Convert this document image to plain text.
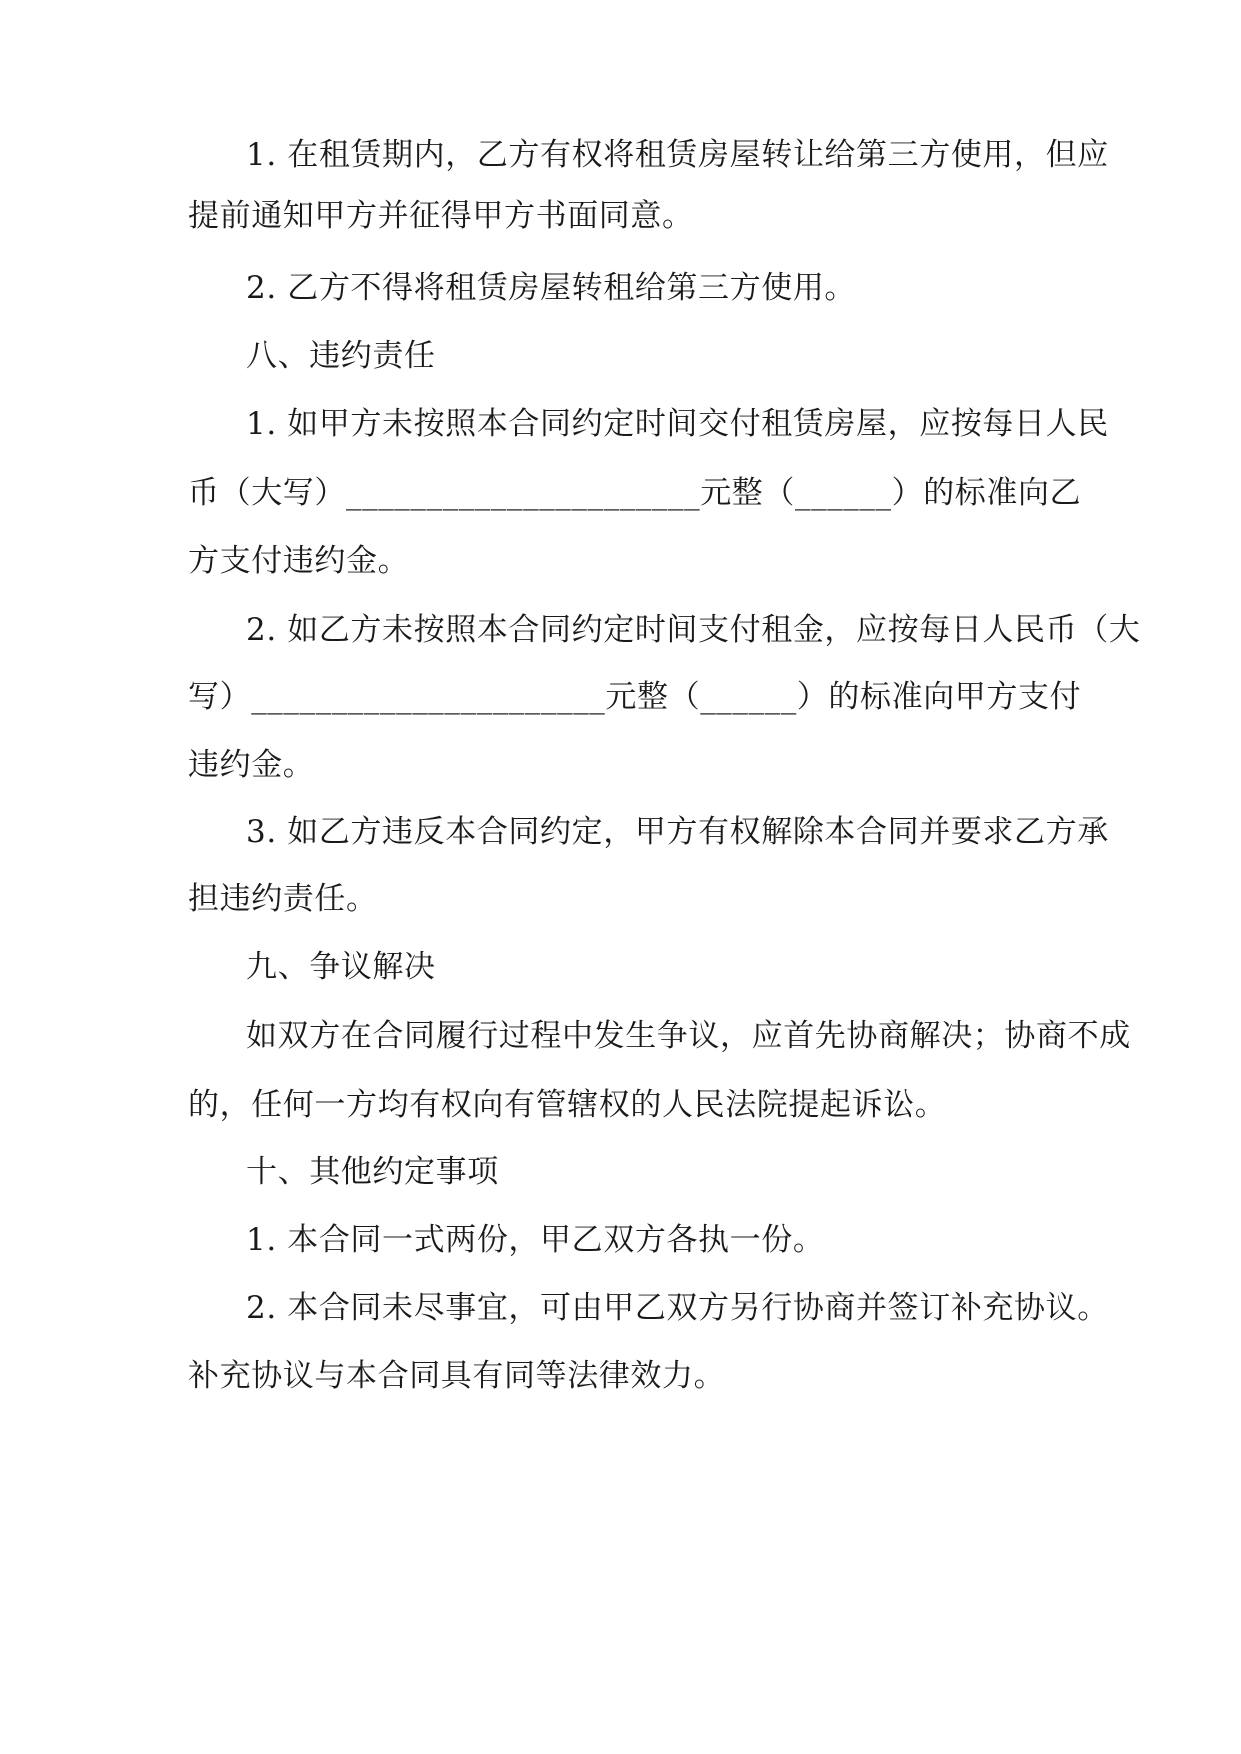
1. 在租赁期内，乙方有权将租赁房屋转让给第三方使用，但应
提前通知甲方并征得甲方书面同意。
2. 乙方不得将租赁房屋转租给第三方使用。
八、违约责任
1. 如甲方未按照本合同约定时间交付租赁房屋，应按每日人民
币（大写）______________________元整（______）的标准向乙
方支付违约金。
2. 如乙方未按照本合同约定时间支付租金，应按每日人民币（大
写）______________________元整（______）的标准向甲方支付
违约金。
3. 如乙方违反本合同约定，甲方有权解除本合同并要求乙方承
担违约责任。
九、争议解决
如双方在合同履行过程中发生争议，应首先协商解决；协商不成
的，任何一方均有权向有管辖权的人民法院提起诉讼。
十、其他约定事项
1. 本合同一式两份，甲乙双方各执一份。
2. 本合同未尽事宜，可由甲乙双方另行协商并签订补充协议。
补充协议与本合同具有同等法律效力。
